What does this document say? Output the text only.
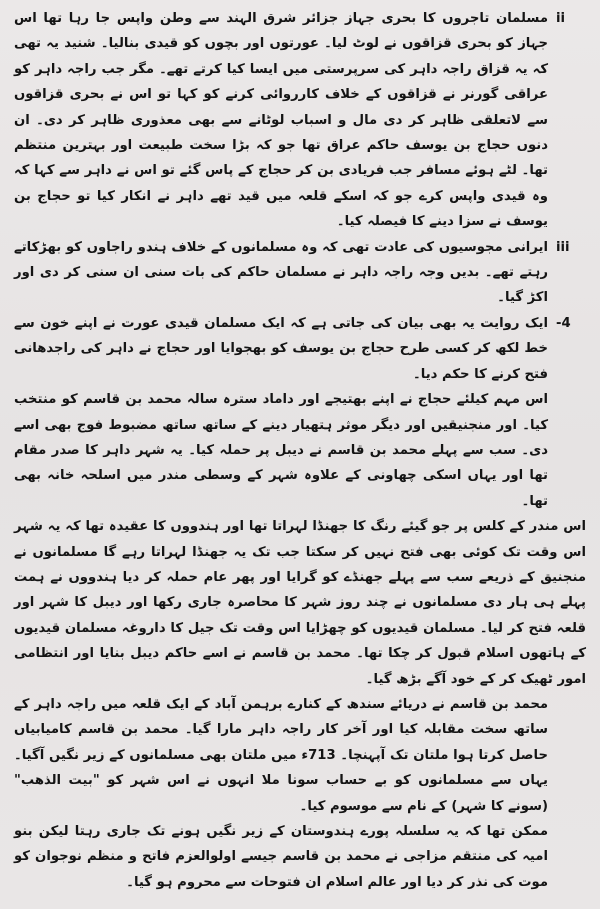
ii

مسلمان تاجروں کا بحری جہاز جزائر شرق الہند سے وطن واپس جا رہا تھا اس جہاز کو بحری قزاقوں نے لوٹ لیا۔ عورتوں اور بچوں کو قیدی بنالیا۔ شنید یہ تھی کہ یہ قزاق راجہ داہر کی سرپرستی میں ایسا کیا کرتے تھے۔ مگر جب راجہ داہر کو عراقی گورنر نے قزاقوں کے خلاف کارروائی کرنے کو کہا تو اس نے بحری قزاقوں سے لاتعلقی ظاہر کر دی مال و اسباب لوٹانے سے بھی معذوری ظاہر کر دی۔ ان دنوں حجاج بن یوسف حاکم عراق تھا جو کہ بڑا سخت طبیعت اور بہترین منتظم تھا۔ لٹے ہوئے مسافر جب فریادی بن کر حجاج کے پاس گئے تو اس نے داہر سے کہا کہ وہ قیدی واپس کرے جو کہ اسکے قلعہ میں قید تھے داہر نے انکار کیا تو حجاج بن یوسف نے سزا دینے کا فیصلہ کیا۔

iii

ایرانی مجوسیوں کی عادت تھی کہ وہ مسلمانوں کے خلاف ہندو راجاوں کو بھڑکاتے رہتے تھے۔ بدیں وجہ راجہ داہر نے مسلمان حاکم کی بات سنی ان سنی کر دی اور اکڑ گیا۔

-4

ایک روایت یہ بھی بیان کی جاتی ہے کہ ایک مسلمان قیدی عورت نے اپنے خون سے خط لکھ کر کسی طرح حجاج بن یوسف کو بھجوایا اور حجاج نے داہر کی راجدھانی فتح کرنے کا حکم دیا۔

اس مہم کیلئے حجاج نے اپنے بھتیجے اور داماد سترہ سالہ محمد بن قاسم کو منتخب کیا۔ اور منجنیقیں اور دیگر موثر ہتھیار دینے کے ساتھ ساتھ مضبوط فوج بھی اسے دی۔ سب سے پہلے محمد بن قاسم نے دیبل پر حملہ کیا۔ یہ شہر داہر کا صدر مقام تھا اور یہاں اسکی چھاونی کے علاوہ شہر کے وسطی مندر میں اسلحہ خانہ بھی تھا۔

اس مندر کے کلس پر جو گیئے رنگ کا جھنڈا لہراتا تھا اور ہندووں کا عقیدہ تھا کہ یہ شہر اس وقت تک کوئی بھی فتح نہیں کر سکتا جب تک یہ جھنڈا لہراتا رہے گا مسلمانوں نے منجنیق کے ذریعے سب سے پہلے جھنڈے کو گرایا اور پھر عام حملہ کر دیا ہندووں نے ہمت پہلے ہی ہار دی مسلمانوں نے چند روز شہر کا محاصرہ جاری رکھا اور دیبل کا شہر اور قلعہ فتح کر لیا۔ مسلمان قیدیوں کو چھڑایا اس وقت تک جیل کا داروغہ مسلمان قیدیوں کے ہاتھوں اسلام قبول کر چکا تھا۔ محمد بن قاسم نے اسے حاکم دیبل بنایا اور انتظامی امور ٹھیک کر کے خود آگے بڑھ گیا۔

محمد بن قاسم نے دریائے سندھ کے کنارے برہمن آباد کے ایک قلعہ میں راجہ داہر کے ساتھ سخت مقابلہ کیا اور آخر کار راجہ داہر مارا گیا۔ محمد بن قاسم کامیابیاں حاصل کرتا ہوا ملتان تک آپہنچا۔ 713ء میں ملتان بھی مسلمانوں کے زیر نگیں آگیا۔ یہاں سے مسلمانوں کو بے حساب سونا ملا انہوں نے اس شہر کو "بیت الذھب" (سونے کا شہر) کے نام سے موسوم کیا۔

ممکن تھا کہ یہ سلسلہ پورے ہندوستان کے زیر نگیں ہونے تک جاری رہتا لیکن بنو امیہ کی منتقم مزاجی نے محمد بن قاسم جیسے اولوالعزم فاتح و منظم نوجوان کو موت کی نذر کر دیا اور عالم اسلام ان فتوحات سے محروم ہو گیا۔
